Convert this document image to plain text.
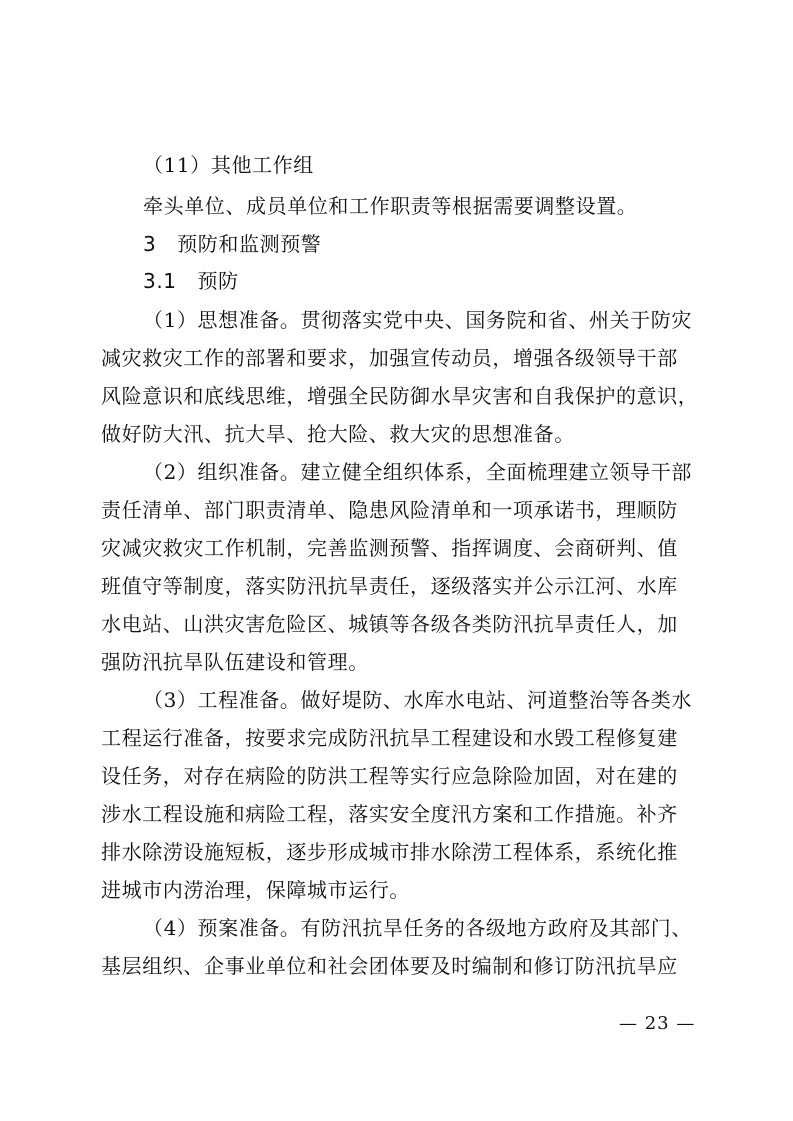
（11）其他工作组
牵头单位、成员单位和工作职责等根据需要调整设置。
3   预防和监测预警
3.1   预防
（1）思想准备。贯彻落实党中央、国务院和省、州关于防灾
减灾救灾工作的部署和要求，加强宣传动员，增强各级领导干部
风险意识和底线思维，增强全民防御水旱灾害和自我保护的意识，
做好防大汛、抗大旱、抢大险、救大灾的思想准备。
（2）组织准备。建立健全组织体系，全面梳理建立领导干部
责任清单、部门职责清单、隐患风险清单和一项承诺书，理顺防
灾减灾救灾工作机制，完善监测预警、指挥调度、会商研判、值
班值守等制度，落实防汛抗旱责任，逐级落实并公示江河、水库
水电站、山洪灾害危险区、城镇等各级各类防汛抗旱责任人，加
强防汛抗旱队伍建设和管理。
（3）工程准备。做好堤防、水库水电站、河道整治等各类水
工程运行准备，按要求完成防汛抗旱工程建设和水毁工程修复建
设任务，对存在病险的防洪工程等实行应急除险加固，对在建的
涉水工程设施和病险工程，落实安全度汛方案和工作措施。补齐
排水除涝设施短板，逐步形成城市排水除涝工程体系，系统化推
进城市内涝治理，保障城市运行。
（4）预案准备。有防汛抗旱任务的各级地方政府及其部门、
基层组织、企事业单位和社会团体要及时编制和修订防汛抗旱应
— 23 —
